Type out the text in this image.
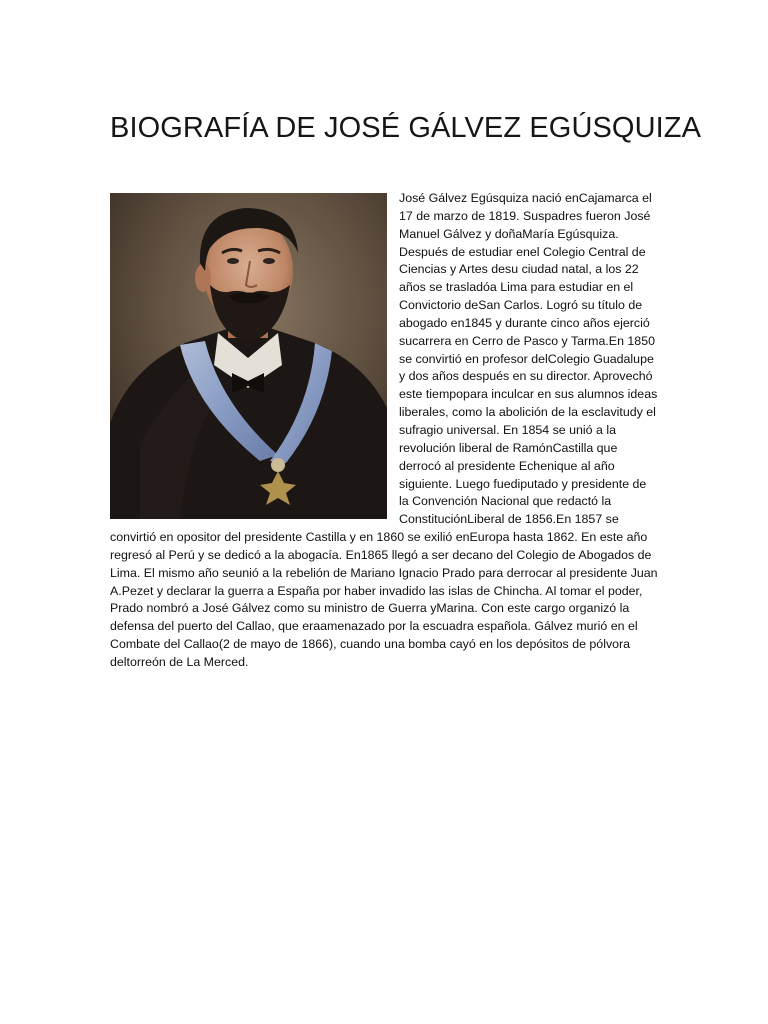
BIOGRAFÍA DE JOSÉ GÁLVEZ EGÚSQUIZA

José Gálvez Egúsquiza nació enCajamarca el 17 de marzo de 1819. Suspadres fueron José Manuel Gálvez y doñaMaría Egúsquiza. Después de estudiar enel Colegio Central de Ciencias y Artes desu ciudad natal, a los 22 años se trasladóa Lima para estudiar en el Convictorio deSan Carlos. Logró su título de abogado en1845 y durante cinco años ejerció sucarrera en Cerro de Pasco y Tarma.En 1850 se convirtió en profesor delColegio Guadalupe y dos años después en su director. Aprovechó este tiempopara inculcar en sus alumnos ideas liberales, como la abolición de la esclavitudy el sufragio universal. En 1854 se unió a la revolución liberal de RamónCastilla que derrocó al presidente Echenique al año siguiente. Luego fuediputado y presidente de la Convención Nacional que redactó la ConstituciónLiberal de 1856.En 1857 se convirtió en opositor del presidente Castilla y en 1860 se exilió enEuropa hasta 1862. En este año regresó al Perú y se dedicó a la abogacía. En1865 llegó a ser decano del Colegio de Abogados de Lima. El mismo año seunió a la rebelión de Mariano Ignacio Prado para derrocar al presidente Juan A.Pezet y declarar la guerra a España por haber invadido las islas de Chincha. Al tomar el poder, Prado nombró a José Gálvez como su ministro de Guerra yMarina. Con este cargo organizó la defensa del puerto del Callao, que eraamenazado por la escuadra española. Gálvez murió en el Combate del Callao(2 de mayo de 1866), cuando una bomba cayó en los depósitos de pólvora deltorreón de La Merced.
